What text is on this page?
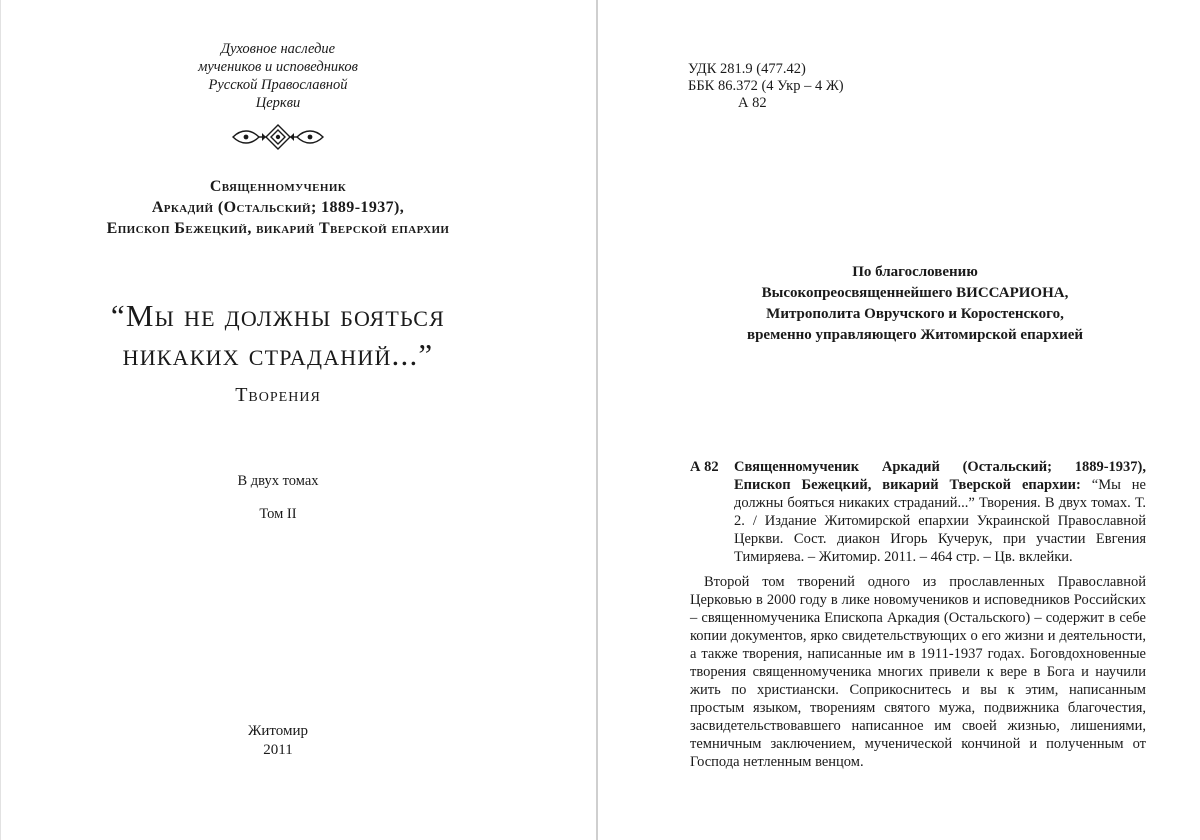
Духовное наследие
мучеников и исповедников
Русской Православной
Церкви
Священномученик
Аркадий (Остальский; 1889-1937),
Епископ Бежецкий, викарий Тверской епархии
“Мы не должны бояться
никаких страданий...”
Творения
В двух томах
Том II
Житомир
2011
УДК 281.9 (477.42)
ББК 86.372 (4 Укр – 4 Ж)
А 82
По благословению
Высокопреосвященнейшего ВИССАРИОНА,
Митрополита Овручского и Коростенского,
временно управляющего Житомирской епархией
А 82 Священномученик Аркадий (Остальский; 1889-1937), Епископ Бежецкий, викарий Тверской епархии: “Мы не должны бояться никаких страданий...” Творения. В двух томах. Т. 2. / Издание Житомирской епархии Украинской Православной Церкви. Сост. диакон Игорь Кучерук, при участии Евгения Тимиряева. – Житомир. 2011. – 464 стр. – Цв. вклейки.
Второй том творений одного из прославленных Православной Церковью в 2000 году в лике новомучеников и исповедников Российских – священномученика Епископа Аркадия (Остальского) – содержит в себе копии документов, ярко свидетельствующих о его жизни и деятельности, а также творения, написанные им в 1911-1937 годах. Боговдохновенные творения священномученика многих привели к вере в Бога и научили жить по христиански. Соприкоснитесь и вы к этим, написанным простым языком, творениям святого мужа, подвижника благочестия, засвидетельствовавшего написанное им своей жизнью, лишениями, темничным заключением, мученической кончиной и полученным от Господа нетленным венцом.
